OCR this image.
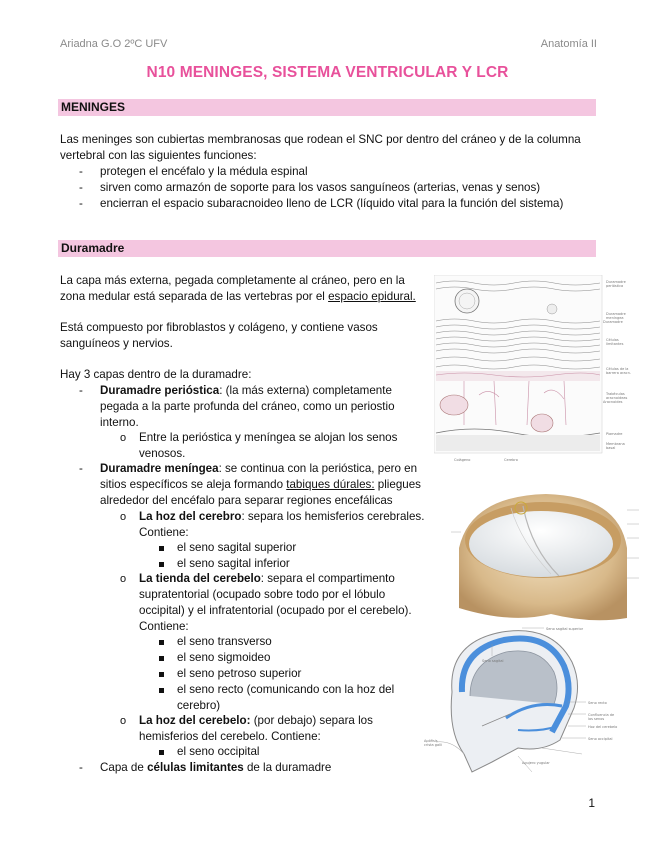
Ariadna G.O 2ºC UFV	Anatomía II
N10 MENINGES, SISTEMA VENTRICULAR Y LCR
MENINGES
Las meninges son cubiertas membranosas que rodean el SNC por dentro del cráneo y de la columna
vertebral con las siguientes funciones:
- protegen el encéfalo y la médula espinal
- sirven como armazón de soporte para los vasos sanguíneos (arterias, venas y senos)
- encierran el espacio subaracnoideo lleno de LCR (líquido vital para la función del sistema)
Duramadre
La capa más externa, pegada completamente al cráneo, pero en la
zona medular está separada de las vertebras por el espacio epidural.
Está compuesto por fibroblastos y colágeno, y contiene vasos
sanguíneos y nervios.
Hay 3 capas dentro de la duramadre:
- Duramadre perióstica: (la más externa) completamente
pegada a la parte profunda del cráneo, como un periostio
interno.
o Entre la perióstica y meníngea se alojan los senos
venosos.
- Duramadre meníngea: se continua con la perióstica, pero en
sitios específicos se aleja formando tabiques dúrales: pliegues
alrededor del encéfalo para separar regiones encefálicas
o La hoz del cerebro: separa los hemisferios cerebrales.
Contiene:
el seno sagital superior
el seno sagital inferior
o La tienda del cerebelo: separa el compartimento
supratentorial (ocupado sobre todo por el lóbulo
occipital) y el infratentorial (ocupado por el cerebelo).
Contiene:
el seno transverso
el seno sigmoideo
el seno petroso superior
el seno recto (comunicando con la hoz del
cerebro)
o La hoz del cerebelo: (por debajo) separa los
hemisferios del cerebelo. Contiene:
el seno occipital
- Capa de células limitantes de la duramadre
Duramadre
perióstica
Duramadre
meníngea
Células
limitantes
Células de la
barrera aracn.
Trabéculas
aracnoideas
Piamadre
Membrana
basal
Colágeno	Cerebro
Duramadre
Aracnoides
Seno sagital superior
Seno sagital
Seno recto
Confluencia de
los senos
Hoz del cerebelo
Seno occipital
Agujero yugular
Apófisis
crista galli
1
